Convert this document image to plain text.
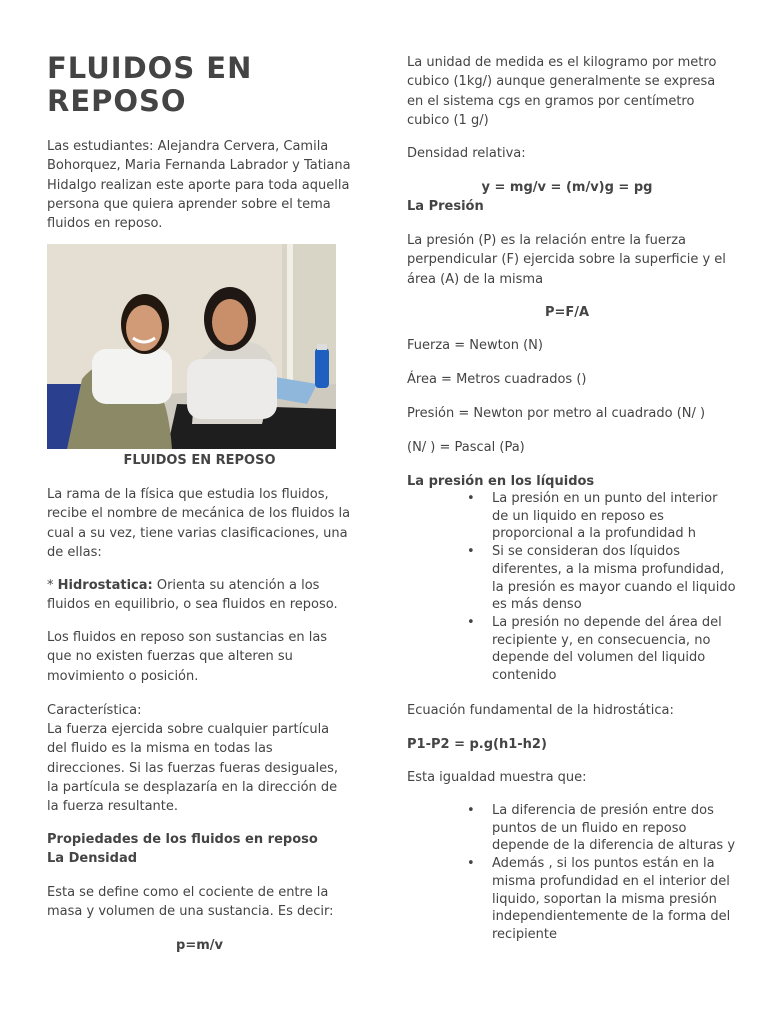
FLUIDOS EN REPOSO

Las estudiantes: Alejandra Cervera, Camila Bohorquez, Maria Fernanda Labrador y Tatiana Hidalgo realizan este aporte para toda aquella persona que quiera aprender sobre el tema fluidos en reposo.

FLUIDOS EN REPOSO

La rama de la física que estudia los fluidos, recibe el nombre de mecánica de los fluidos la cual a su vez, tiene varias clasificaciones, una de ellas:

* Hidrostatica: Orienta su atención a los fluidos en equilibrio, o sea fluidos en reposo.

Los fluidos en reposo son sustancias en las que no existen fuerzas que alteren su movimiento o posición.

Característica:

La fuerza ejercida sobre cualquier partícula del fluido es la misma en todas las direcciones. Si las fuerzas fueras desiguales, la partícula se desplazaría en la dirección de la fuerza resultante.

Propiedades de los fluidos en reposo

La Densidad

Esta se define como el cociente de entre la masa y volumen de una sustancia. Es decir:

p=m/v

La unidad de medida es el kilogramo por metro cubico (1kg/) aunque generalmente se expresa en el sistema cgs en gramos por centímetro cubico (1 g/)

Densidad relativa:

y = mg/v = (m/v)g = pg

La Presión

La presión (P) es la relación entre la fuerza perpendicular (F) ejercida sobre la superficie y el área (A) de la misma

P=F/A

Fuerza = Newton (N)

Área = Metros cuadrados ()

Presión = Newton por metro al cuadrado (N/ )

(N/ ) = Pascal (Pa)

La presión en los líquidos

• La presión en un punto del interior de un liquido en reposo es proporcional a la profundidad h
• Si se consideran dos líquidos diferentes, a la misma profundidad, la presión es mayor cuando el liquido es más denso
• La presión no depende del área del recipiente y, en consecuencia, no depende del volumen del liquido contenido

Ecuación fundamental de la hidrostática:

P1-P2 = p.g(h1-h2)

Esta igualdad muestra que:

• La diferencia de presión entre dos puntos de un fluido en reposo depende de la diferencia de alturas y
• Además , si los puntos están en la misma profundidad en el interior del liquido, soportan la misma presión independientemente de la forma del recipiente
